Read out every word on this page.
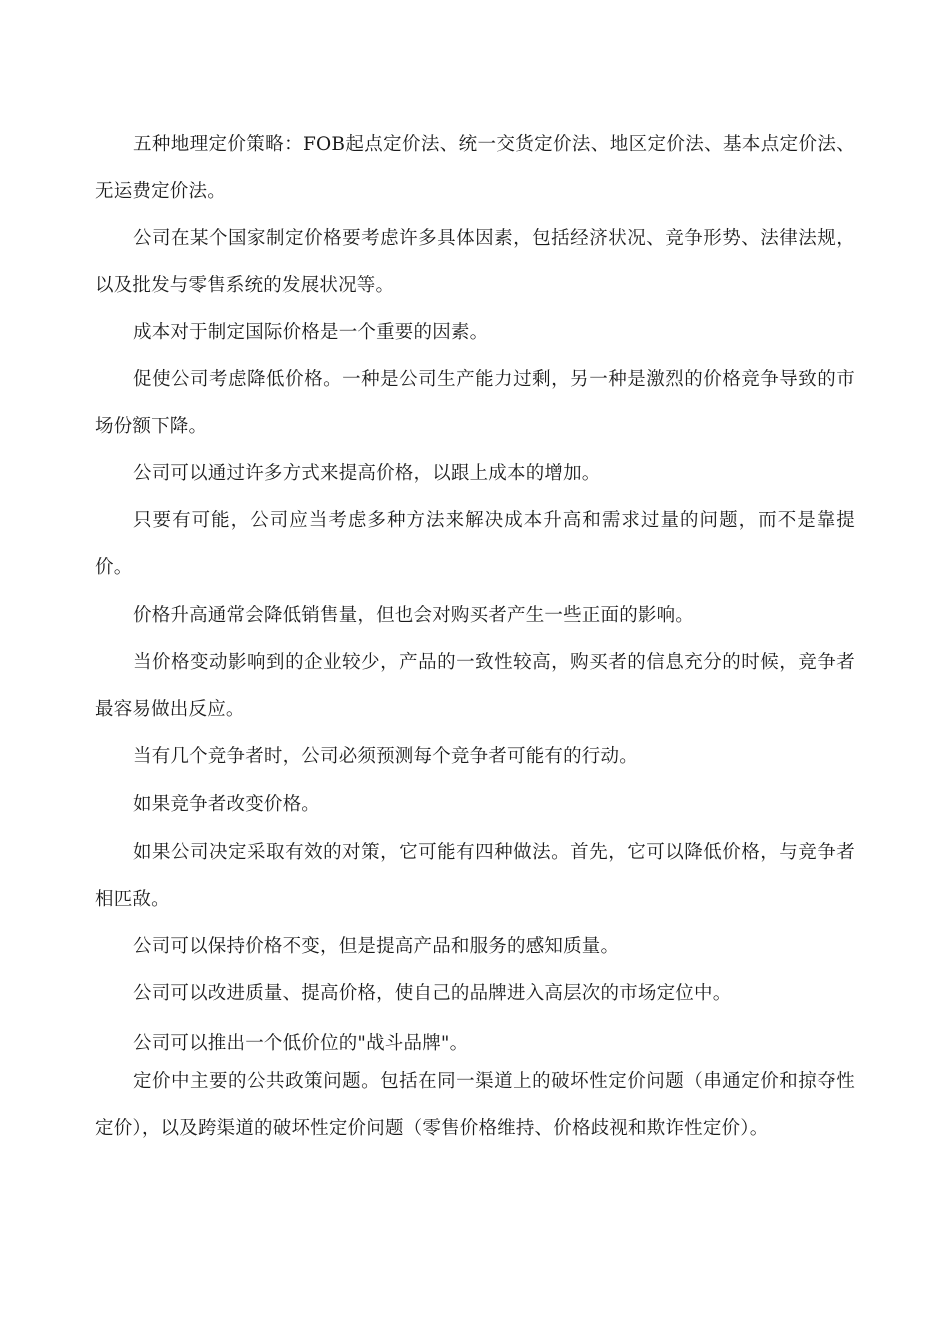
五种地理定价策略：FOB起点定价法、统一交货定价法、地区定价法、基本点定价法、无运费定价法。

公司在某个国家制定价格要考虑许多具体因素，包括经济状况、竞争形势、法律法规，以及批发与零售系统的发展状况等。

成本对于制定国际价格是一个重要的因素。

促使公司考虑降低价格。一种是公司生产能力过剩，另一种是激烈的价格竞争导致的市场份额下降。

公司可以通过许多方式来提高价格，以跟上成本的增加。

只要有可能，公司应当考虑多种方法来解决成本升高和需求过量的问题，而不是靠提价。

价格升高通常会降低销售量，但也会对购买者产生一些正面的影响。

当价格变动影响到的企业较少，产品的一致性较高，购买者的信息充分的时候，竞争者最容易做出反应。

当有几个竞争者时，公司必须预测每个竞争者可能有的行动。

如果竞争者改变价格。

如果公司决定采取有效的对策，它可能有四种做法。首先，它可以降低价格，与竞争者相匹敌。

公司可以保持价格不变，但是提高产品和服务的感知质量。

公司可以改进质量、提高价格，使自己的品牌进入高层次的市场定位中。

公司可以推出一个低价位的"战斗品牌"。

定价中主要的公共政策问题。包括在同一渠道上的破坏性定价问题（串通定价和掠夺性定价），以及跨渠道的破坏性定价问题（零售价格维持、价格歧视和欺诈性定价）。
